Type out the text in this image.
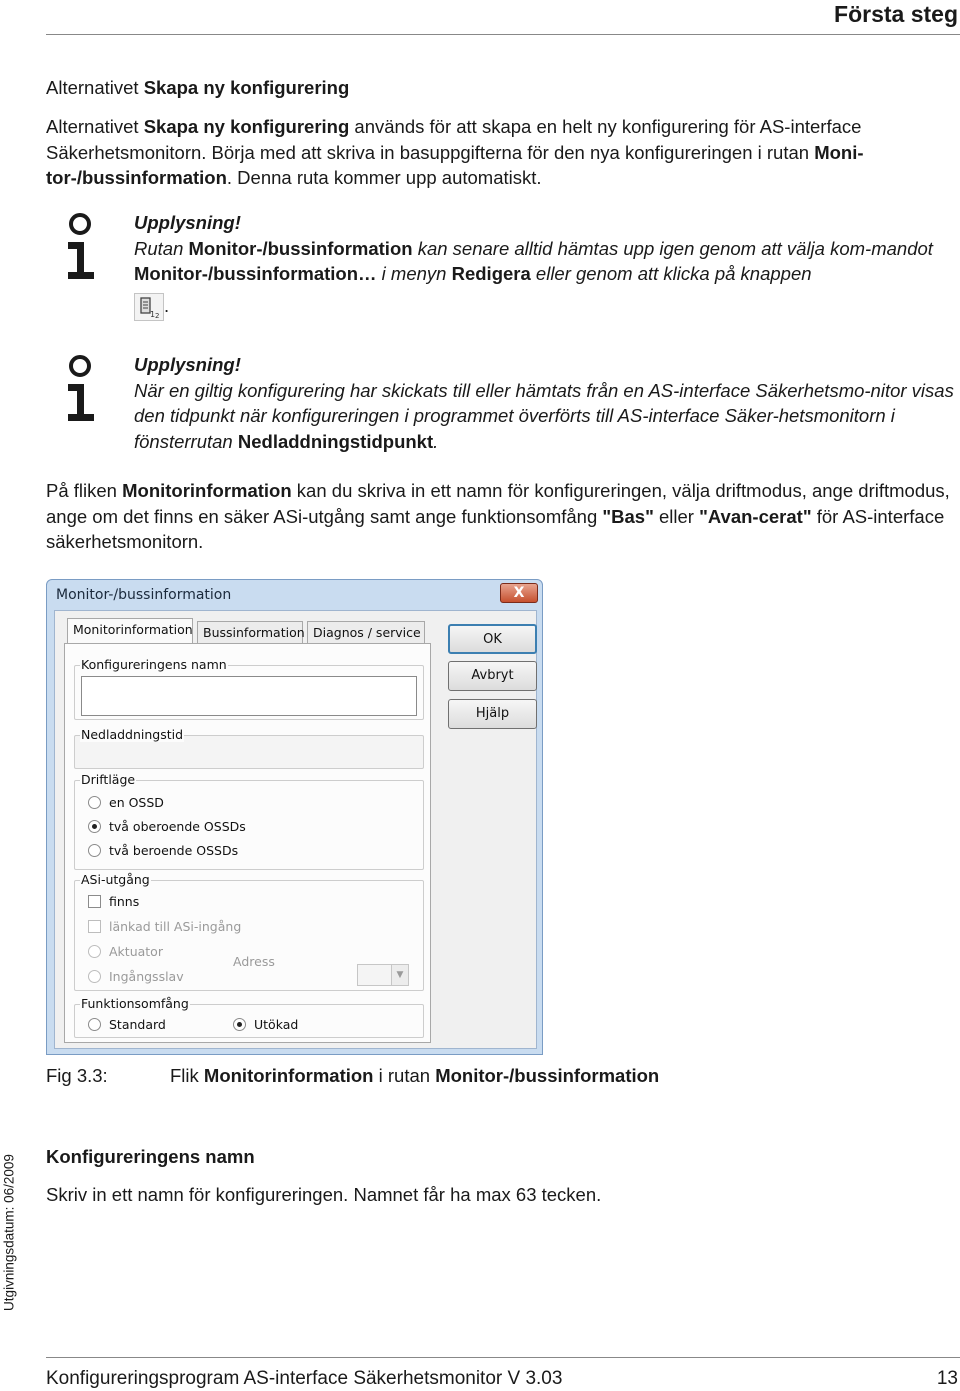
Första steg
Alternativet Skapa ny konfigurering
Alternativet Skapa ny konfigurering används för att skapa en helt ny konfigurering för AS-interface Säkerhetsmonitorn. Börja med att skriva in basuppgifterna för den nya konfigureringen i rutan Moni-tor-/bussinformation. Denna ruta kommer upp automatiskt.
Upplysning!
Rutan Monitor-/bussinformation kan senare alltid hämtas upp igen genom att välja kom-mandot Monitor-/bussinformation… i menyn Redigera eller genom att klicka på knappen
1 2
.
Upplysning!
När en giltig konfigurering har skickats till eller hämtats från en AS-interface Säkerhetsmo-nitor visas den tidpunkt när konfigureringen i programmet överförts till AS-interface Säker-hetsmonitorn i fönsterrutan Nedladdningstidpunkt.
På fliken Monitorinformation kan du skriva in ett namn för konfigureringen, välja driftmodus, ange driftmodus, ange om det finns en säker ASi-utgång samt ange funktionsomfång "Bas" eller "Avan-cerat" för AS-interface säkerhetsmonitorn.
Monitor-/bussinformation	X
Monitorinformation Bussinformation Diagnos / service
Konfigureringens namn
Nedladdningstid
Driftläge
en OSSD
två oberoende OSSDs
två beroende OSSDs
ASi-utgång
finns
länkad till ASi-ingång
Aktuator
Ingångsslav
Adress
▼
Funktionsomfång
Standard	Utökad
OK
Avbryt
Hjälp
Fig 3.3:	Flik Monitorinformation i rutan Monitor-/bussinformation
Konfigureringens namn
Skriv in ett namn för konfigureringen. Namnet får ha max 63 tecken.
Utgivningsdatum: 06/2009
Konfigureringsprogram AS-interface Säkerhetsmonitor V 3.03	13
